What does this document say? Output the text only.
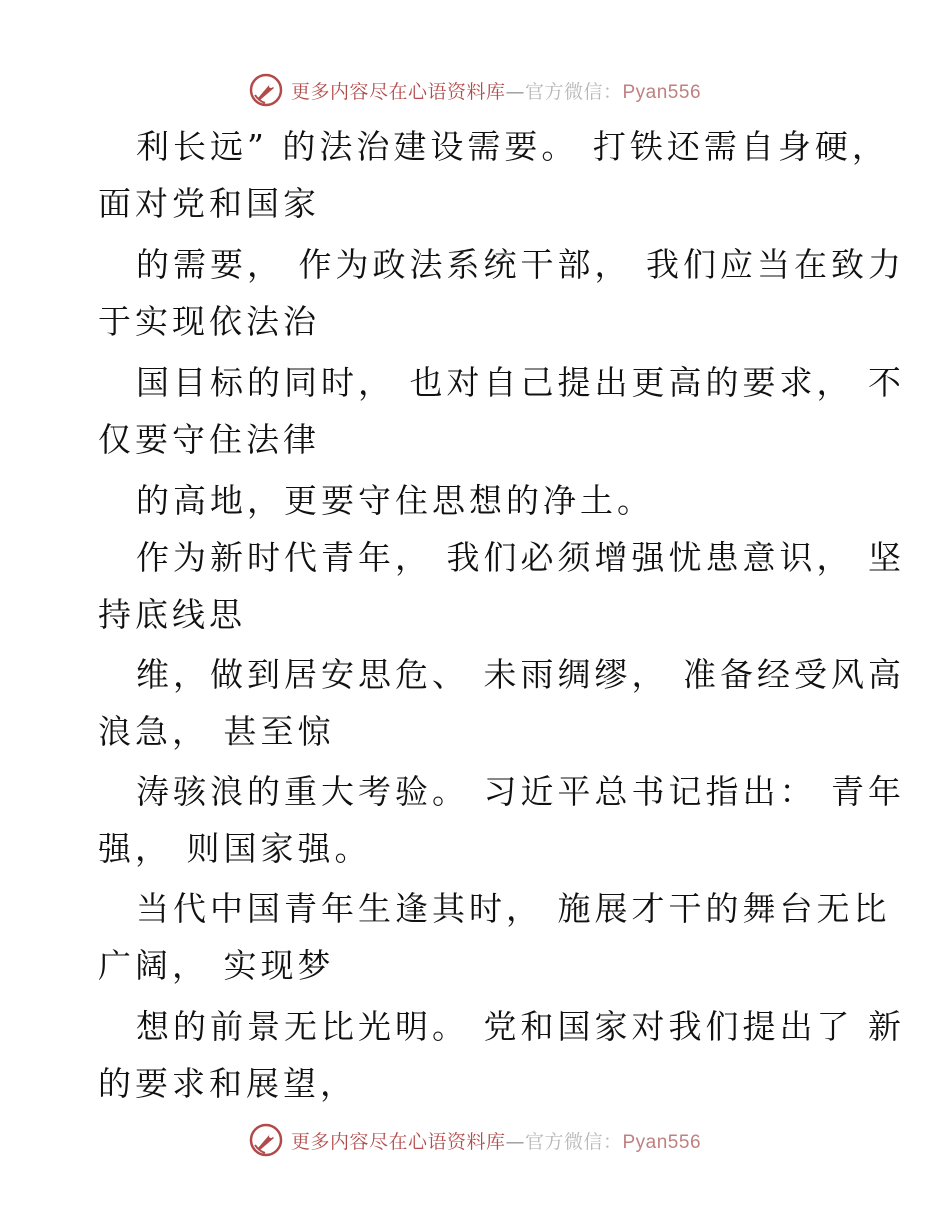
更多内容尽在心语资料库—官方微信：Pyan556
利长远” 的法治建设需要。 打铁还需自身硬，
面对党和国家
的需要， 作为政法系统干部， 我们应当在致力
于实现依法治
国目标的同时， 也对自己提出更高的要求， 不
仅要守住法律
的高地，更要守住思想的净土。
作为新时代青年， 我们必须增强忧患意识， 坚
持底线思
维，做到居安思危、 未雨绸缪， 准备经受风高
浪急， 甚至惊
涛骇浪的重大考验。 习近平总书记指出： 青年
强， 则国家强。
当代中国青年生逢其时， 施展才干的舞台无比
广阔， 实现梦
想的前景无比光明。 党和国家对我们提出了 新
的要求和展望，
更多内容尽在心语资料库—官方微信：Pyan556
